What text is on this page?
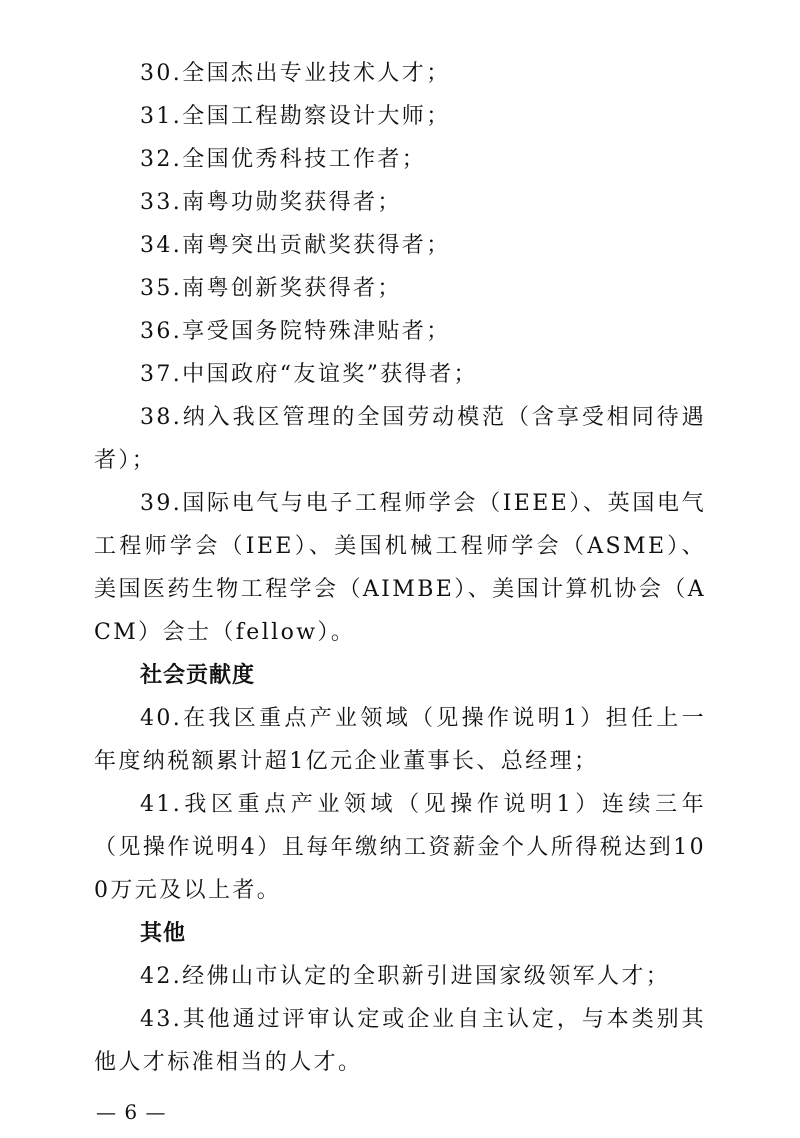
30.全国杰出专业技术人才；

31.全国工程勘察设计大师；

32.全国优秀科技工作者；

33.南粤功勋奖获得者；

34.南粤突出贡献奖获得者；

35.南粤创新奖获得者；

36.享受国务院特殊津贴者；

37.中国政府“友谊奖”获得者；

38.纳入我区管理的全国劳动模范（含享受相同待遇者）；

39.国际电气与电子工程师学会（IEEE）、英国电气工程师学会（IEE）、美国机械工程师学会（ASME）、美国医药生物工程学会（AIMBE）、美国计算机协会（ACM）会士（fellow）。

社会贡献度

40.在我区重点产业领域（见操作说明1）担任上一年度纳税额累计超1亿元企业董事长、总经理；

41.我区重点产业领域（见操作说明1）连续三年（见操作说明4）且每年缴纳工资薪金个人所得税达到100万元及以上者。

其他

42.经佛山市认定的全职新引进国家级领军人才；

43.其他通过评审认定或企业自主认定，与本类别其他人才标准相当的人才。

— 6 —
